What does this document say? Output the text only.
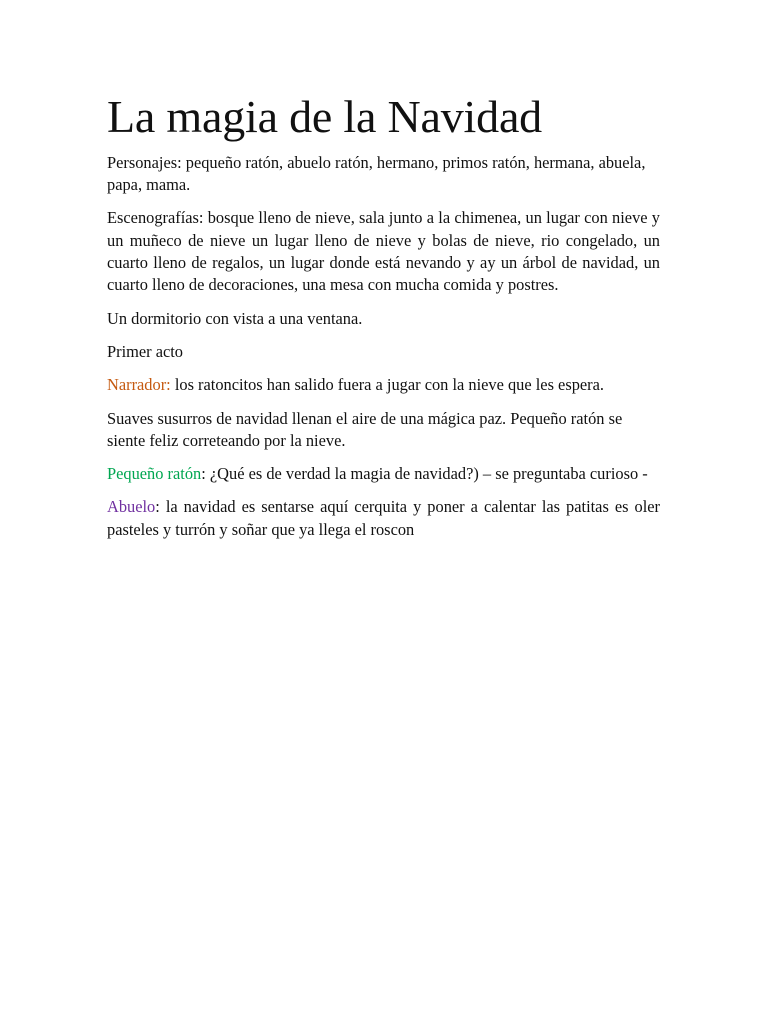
La magia de la Navidad

Personajes: pequeño ratón, abuelo ratón, hermano, primos ratón, hermana, abuela, papa, mama.

Escenografías: bosque lleno de nieve, sala junto a la chimenea, un lugar con nieve y un muñeco de nieve un lugar lleno de nieve y bolas de nieve, rio congelado, un cuarto lleno de regalos, un lugar donde está nevando y ay un árbol de navidad, un cuarto lleno de decoraciones, una mesa con mucha comida y postres.

Un dormitorio con vista a una ventana.

Primer acto

Narrador: los ratoncitos han salido fuera a jugar con la nieve que les espera.

Suaves susurros de navidad llenan el aire de una mágica paz. Pequeño ratón se siente feliz correteando por la nieve.

Pequeño ratón: ¿Qué es de verdad la magia de navidad?) – se preguntaba curioso -

Abuelo: la navidad es sentarse aquí cerquita y poner a calentar las patitas es oler pasteles y turrón y soñar que ya llega el roscon
